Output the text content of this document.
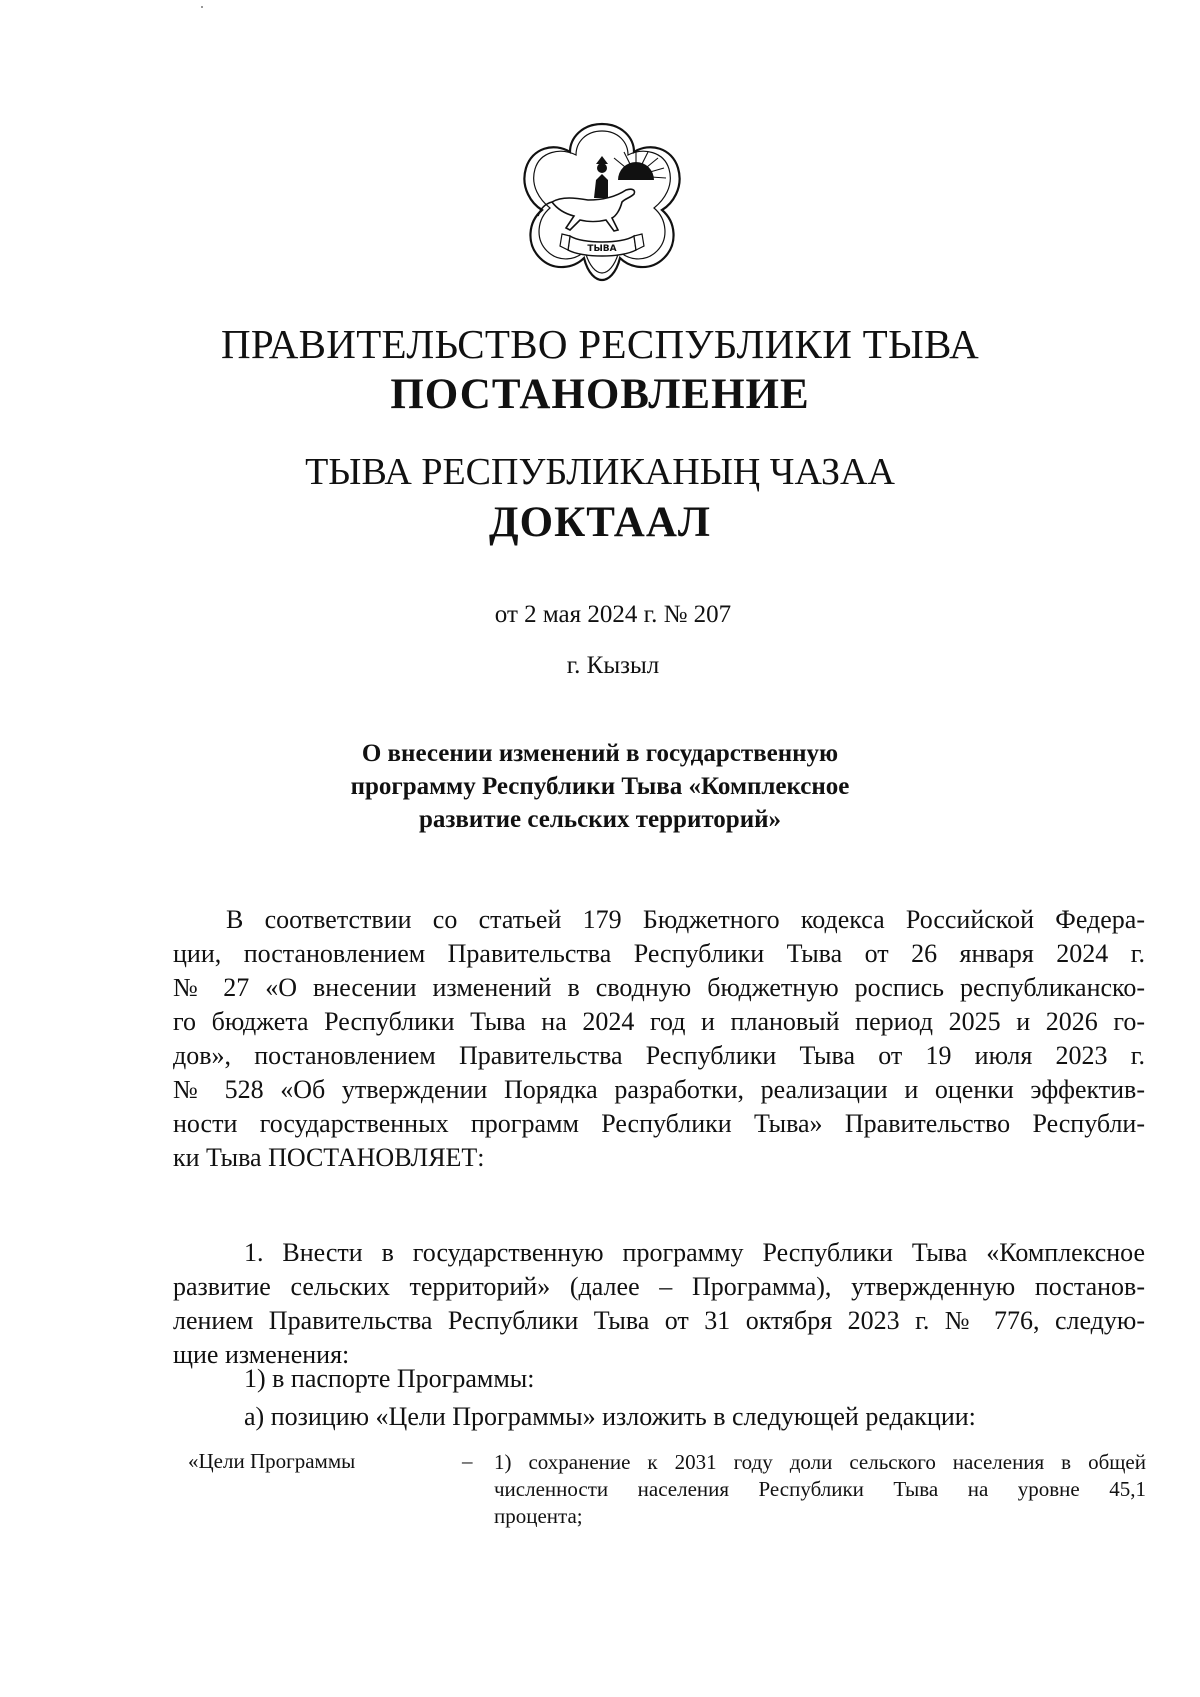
ТЫВА
ПРАВИТЕЛЬСТВО РЕСПУБЛИКИ ТЫВА
ПОСТАНОВЛЕНИЕ
ТЫВА РЕСПУБЛИКАНЫҢ ЧАЗАА
ДОКТААЛ
от 2 мая 2024 г. № 207
г. Кызыл
О внесении изменений в государственную
программу Республики Тыва «Комплексное
развитие сельских территорий»
В соответствии со статьей 179 Бюджетного кодекса Российской Федера-
ции, постановлением Правительства Республики Тыва от 26 января 2024 г.
№ 27 «О внесении изменений в сводную бюджетную роспись республиканско-
го бюджета Республики Тыва на 2024 год и плановый период 2025 и 2026 го-
дов», постановлением Правительства Республики Тыва от 19 июля 2023 г.
№ 528 «Об утверждении Порядка разработки, реализации и оценки эффектив-
ности государственных программ Республики Тыва» Правительство Республи-
ки Тыва ПОСТАНОВЛЯЕТ:
1. Внести в государственную программу Республики Тыва «Комплексное
развитие сельских территорий» (далее – Программа), утвержденную постанов-
лением Правительства Республики Тыва от 31 октября 2023 г. № 776, следую-
щие изменения:
1) в паспорте Программы:
а) позицию «Цели Программы» изложить в следующей редакции:
«Цели Программы	– 1) сохранение к 2031 году доли сельского населения в общей
численности населения Республики Тыва на уровне 45,1
процента;
